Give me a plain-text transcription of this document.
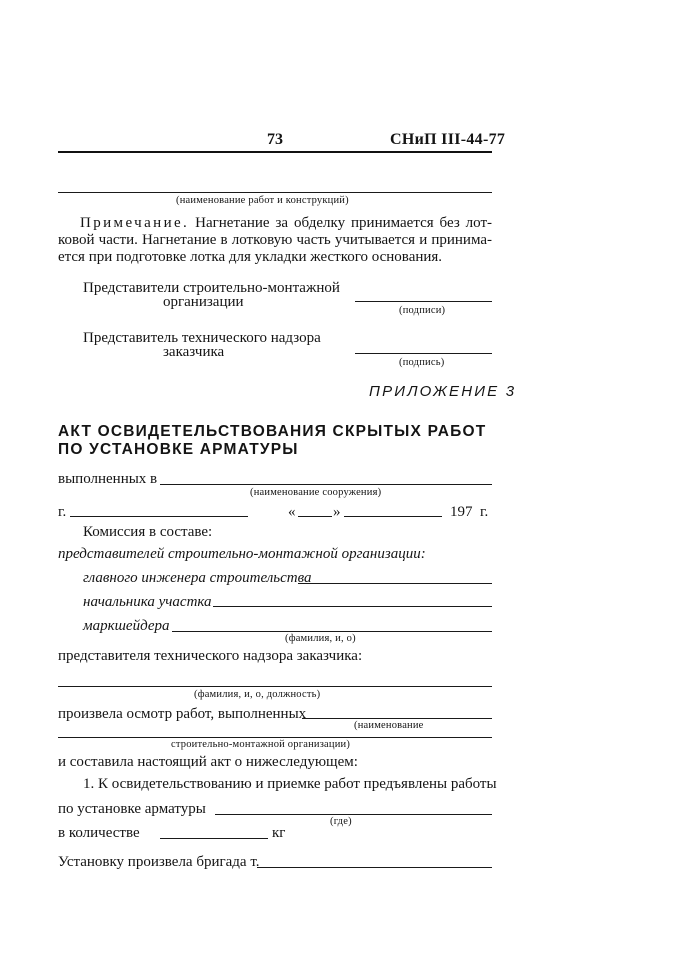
73	СНиП III-44-77
(наименование работ и конструкций)
Примечание. Нагнетание за обделку принимается без лот-
ковой части. Нагнетание в лотковую часть учитывается и принима-
ется при подготовке лотка для укладки жесткого основания.
Представители строительно-монтажной
организации
(подписи)
Представитель технического надзора
заказчика
(подпись)
ПРИЛОЖЕНИЕ 3
АКТ ОСВИДЕТЕЛЬСТВОВАНИЯ СКРЫТЫХ РАБОТ
ПО УСТАНОВКЕ АРМАТУРЫ
выполненных в
(наименование сооружения)
г.	«	»	197 г.
Комиссия в составе:
представителей строительно-монтажной организации:
главного инженера строительства
начальника участка
маркшейдера
(фамилия, и, о)
представителя технического надзора заказчика:
(фамилия, и, о, должность)
произвела осмотр работ, выполненных
(наименование
строительно-монтажной организации)
и составила настоящий акт о нижеследующем:
1. К освидетельствованию и приемке работ предъявлены работы
по установке арматуры
(где)
в количестве	кг
Установку произвела бригада т.
